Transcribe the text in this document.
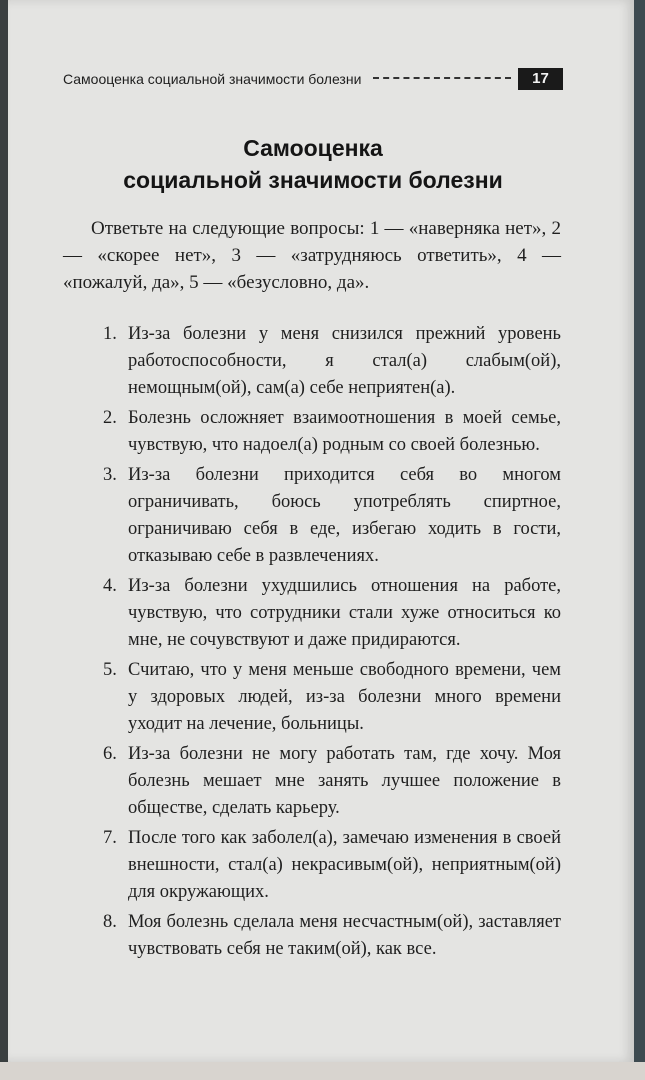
Самооценка социальной значимости болезни	17
Самооценка
социальной значимости болезни

Ответьте на следующие вопросы: 1 — «наверняка нет», 2 — «скорее нет», 3 — «затрудняюсь ответить», 4 — «пожалуй, да», 5 — «безусловно, да».

1. Из-за болезни у меня снизился прежний уровень работоспособности, я стал(а) слабым(ой), немощным(ой), сам(а) себе неприятен(а).
2. Болезнь осложняет взаимоотношения в моей семье, чувствую, что надоел(а) родным со своей болезнью.
3. Из-за болезни приходится себя во многом ограничивать, боюсь употреблять спиртное, ограничиваю себя в еде, избегаю ходить в гости, отказываю себе в развлечениях.
4. Из-за болезни ухудшились отношения на работе, чувствую, что сотрудники стали хуже относиться ко мне, не сочувствуют и даже придираются.
5. Считаю, что у меня меньше свободного времени, чем у здоровых людей, из-за болезни много времени уходит на лечение, больницы.
6. Из-за болезни не могу работать там, где хочу. Моя болезнь мешает мне занять лучшее положение в обществе, сделать карьеру.
7. После того как заболел(а), замечаю изменения в своей внешности, стал(а) некрасивым(ой), неприятным(ой) для окружающих.
8. Моя болезнь сделала меня несчастным(ой), заставляет чувствовать себя не таким(ой), как все.
